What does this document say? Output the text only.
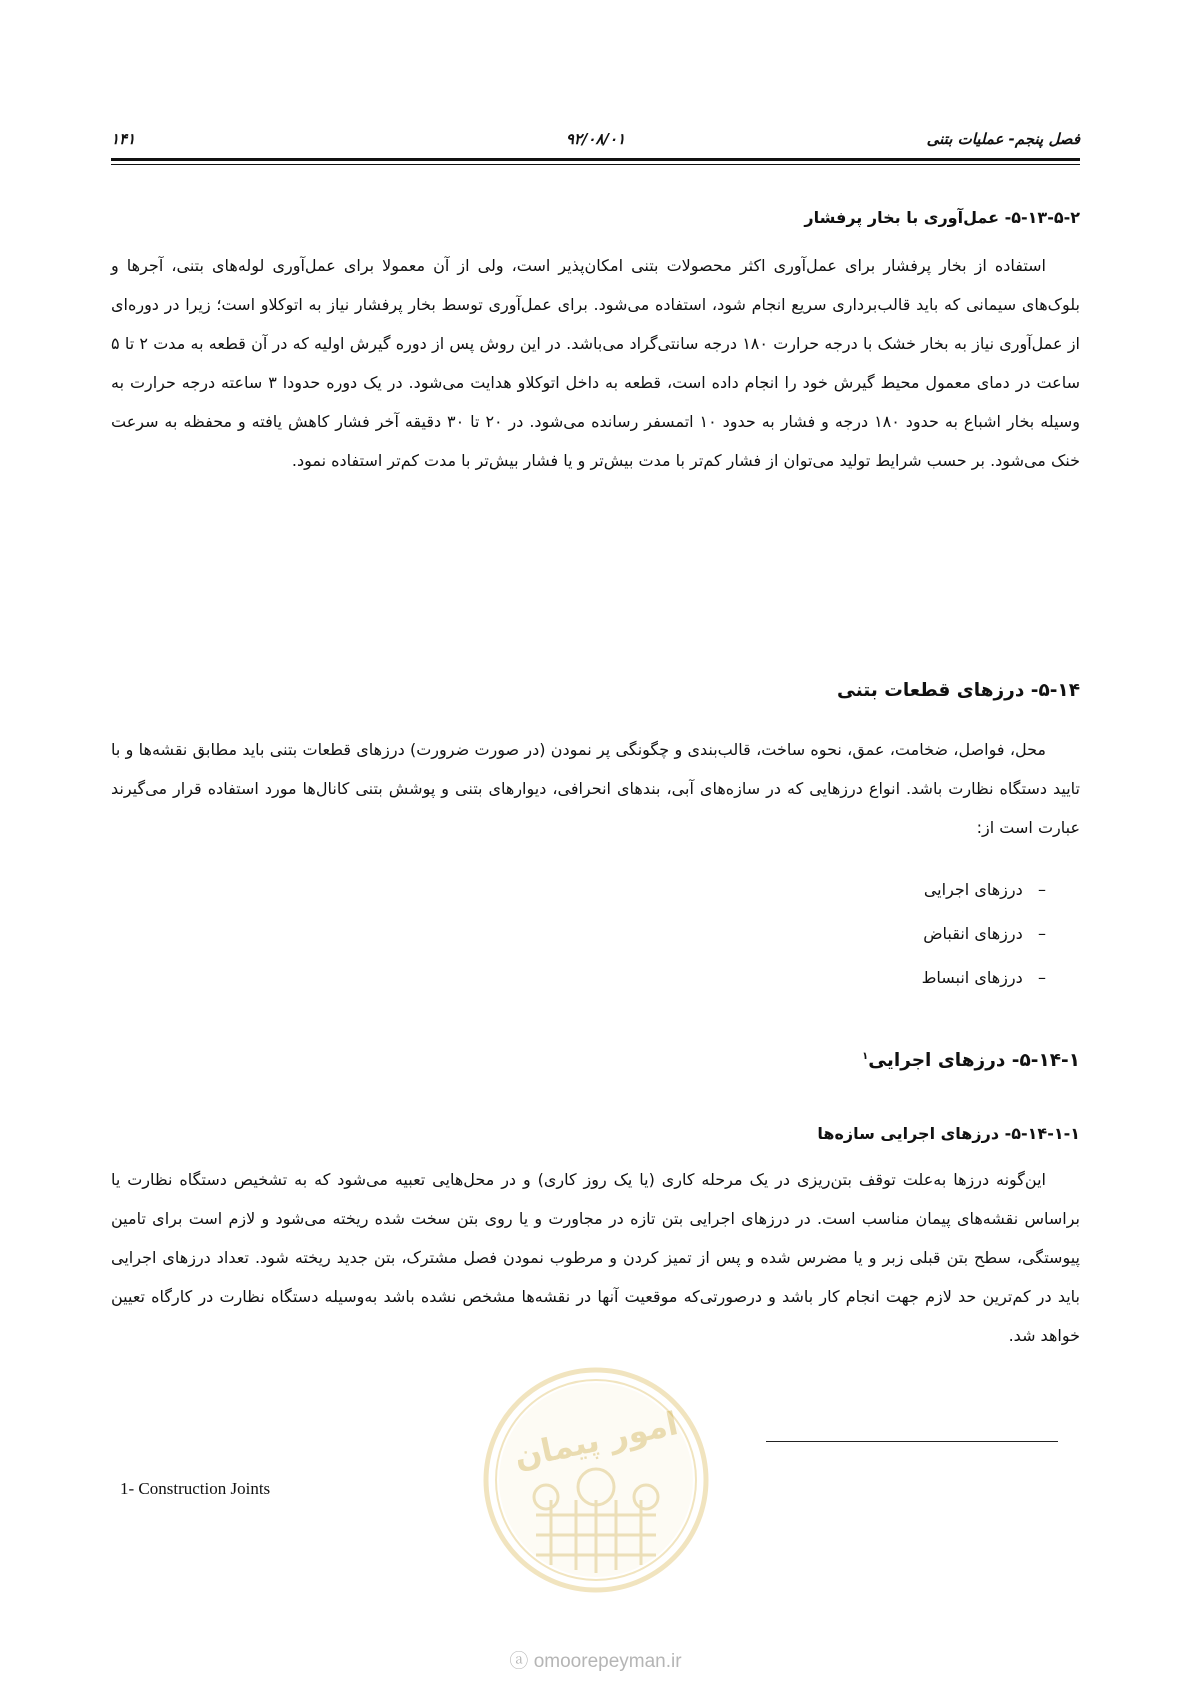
فصل پنجم- عملیات بتنی
۹۲/۰۸/۰۱
۱۴۱

۵-۱۳-۵-۲- عمل‌آوری با بخار پرفشار

استفاده از بخار پرفشار برای عمل‌آوری اکثر محصولات بتنی امکان‌پذیر است، ولی از آن معمولا برای عمل‌آوری لوله‌های بتنی، آجرها و بلوک‌های سیمانی که باید قالب‌برداری سریع انجام شود، استفاده می‌شود. برای عمل‌آوری توسط بخار پرفشار نیاز به اتوکلاو است؛ زیرا در دوره‌ای از عمل‌آوری نیاز به بخار خشک با درجه حرارت ۱۸۰ درجه سانتی‌گراد می‌باشد. در این روش پس از دوره گیرش اولیه که در آن قطعه به مدت ۲ تا ۵ ساعت در دمای معمول محیط گیرش خود را انجام داده است، قطعه به داخل اتوکلاو هدایت می‌شود. در یک دوره حدودا ۳ ساعته درجه حرارت به وسیله بخار اشباع به حدود ۱۸۰ درجه و فشار به حدود ۱۰ اتمسفر رسانده می‌شود. در ۲۰ تا ۳۰ دقیقه آخر فشار کاهش یافته و محفظه به سرعت خنک می‌شود. بر حسب شرایط تولید می‌توان از فشار کم‌تر با مدت بیش‌تر و یا فشار بیش‌تر با مدت کم‌تر استفاده نمود.

۵-۱۴- درزهای قطعات بتنی

محل، فواصل، ضخامت، عمق، نحوه ساخت، قالب‌بندی و چگونگی پر نمودن (در صورت ضرورت) درزهای قطعات بتنی باید مطابق نقشه‌ها و با تایید دستگاه نظارت باشد. انواع درزهایی که در سازه‌های آبی، بندهای انحرافی، دیوارهای بتنی و پوشش بتنی کانال‌ها مورد استفاده قرار می‌گیرند عبارت است از:

–   درزهای اجرایی
–   درزهای انقباض
–   درزهای انبساط

۵-۱۴-۱- درزهای اجرایی$^۱$

۵-۱۴-۱-۱- درزهای اجرایی سازه‌ها

این‌گونه درزها به‌علت توقف بتن‌ریزی در یک مرحله کاری (یا یک روز کاری) و در محل‌هایی تعبیه می‌شود که به تشخیص دستگاه نظارت یا براساس نقشه‌های پیمان مناسب است. در درزهای اجرایی بتن تازه در مجاورت و یا روی بتن سخت شده ریخته می‌شود و لازم است برای تامین پیوستگی، سطح بتن قبلی زبر و یا مضرس شده و پس از تمیز کردن و مرطوب نمودن فصل مشترک، بتن جدید ریخته شود. تعداد درزهای اجرایی باید در کم‌ترین حد لازم جهت انجام کار باشد و درصورتی‌که موقعیت آنها در نقشه‌ها مشخص نشده باشد به‌وسیله دستگاه نظارت در کارگاه تعیین خواهد شد.

امور پیمان
1- Construction Joints
ⓐ omoorepeyman.ir
